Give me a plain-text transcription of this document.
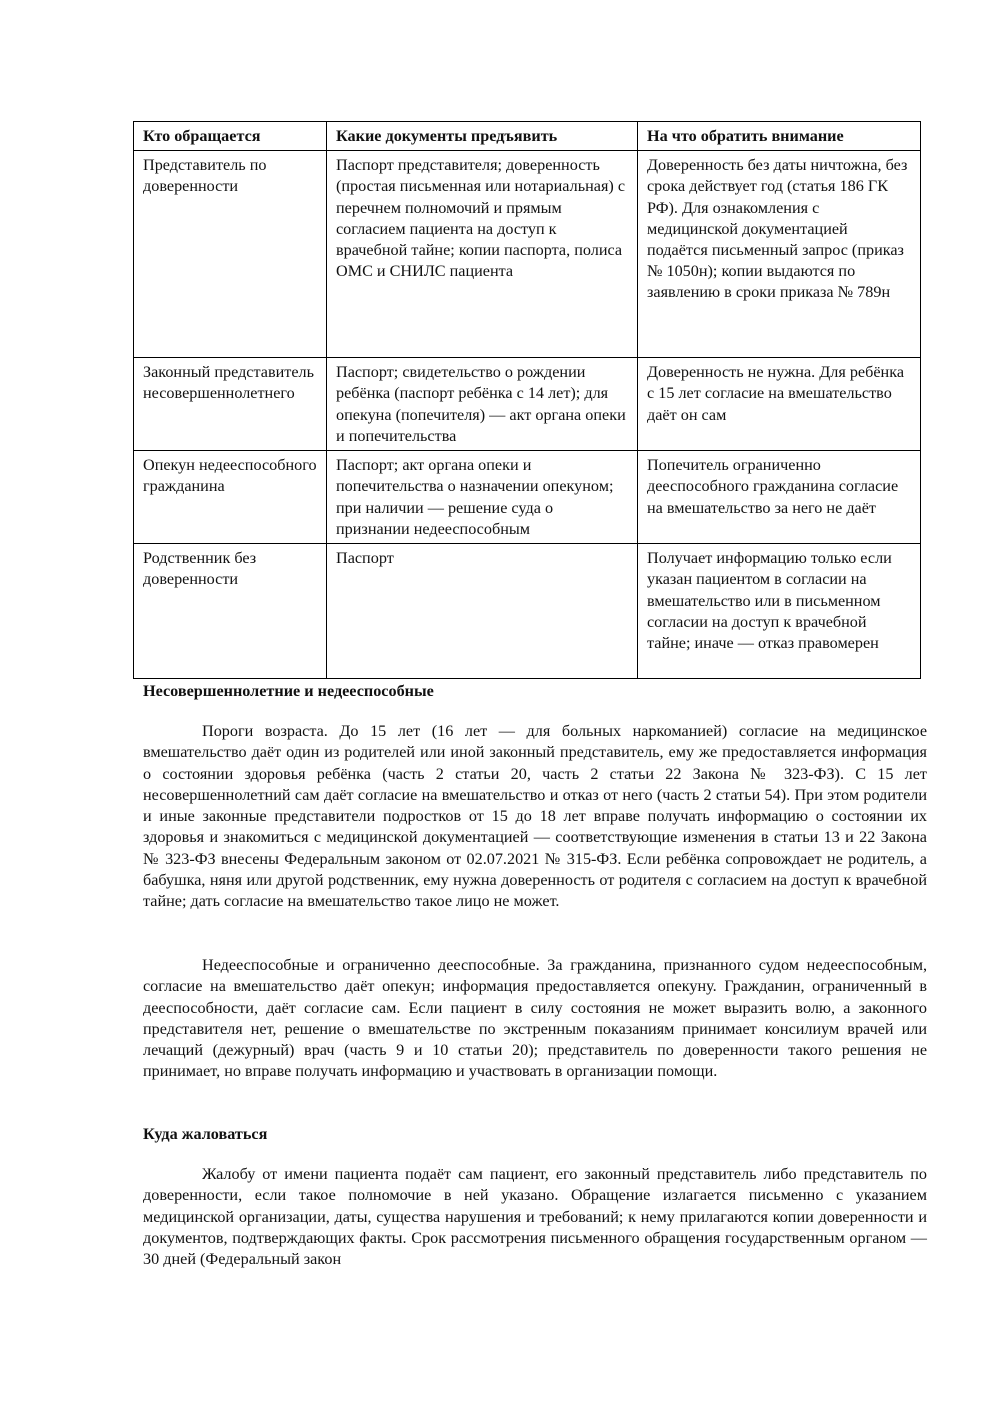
Кто обращается	Какие документы предъявить	На что обратить внимание
Представитель по доверенности	Паспорт представителя; доверенность (простая письменная или нотариальная) с перечнем полномочий и прямым согласием пациента на доступ к врачебной тайне; копии паспорта, полиса ОМС и СНИЛС пациента	Доверенность без даты ничтожна, без срока действует год (статья 186 ГК РФ). Для ознакомления с медицинской документацией подаётся письменный запрос (приказ № 1050н); копии выдаются по заявлению в сроки приказа № 789н
Законный представитель несовершеннолетнего	Паспорт; свидетельство о рождении ребёнка (паспорт ребёнка с 14 лет); для опекуна (попечителя) — акт органа опеки и попечительства	Доверенность не нужна. Для ребёнка с 15 лет согласие на вмешательство даёт он сам
Опекун недееспособного гражданина	Паспорт; акт органа опеки и попечительства о назначении опекуном; при наличии — решение суда о признании недееспособным	Попечитель ограниченно дееспособного гражданина согласие на вмешательство за него не даёт
Родственник без доверенности	Паспорт	Получает информацию только если указан пациентом в согласии на вмешательство или в письменном согласии на доступ к врачебной тайне; иначе — отказ правомерен
Несовершеннолетние и недееспособные

Пороги возраста. До 15 лет (16 лет — для больных наркоманией) согласие на медицинское вмешательство даёт один из родителей или иной законный представитель, ему же предоставляется информация о состоянии здоровья ребёнка (часть 2 статьи 20, часть 2 статьи 22 Закона № 323-ФЗ). С 15 лет несовершеннолетний сам даёт согласие на вмешательство и отказ от него (часть 2 статьи 54). При этом родители и иные законные представители подростков от 15 до 18 лет вправе получать информацию о состоянии их здоровья и знакомиться с медицинской документацией — соответствующие изменения в статьи 13 и 22 Закона № 323-ФЗ внесены Федеральным законом от 02.07.2021 № 315-ФЗ. Если ребёнка сопровождает не родитель, а бабушка, няня или другой родственник, ему нужна доверенность от родителя с согласием на доступ к врачебной тайне; дать согласие на вмешательство такое лицо не может.

Недееспособные и ограниченно дееспособные. За гражданина, признанного судом недееспособным, согласие на вмешательство даёт опекун; информация предоставляется опекуну. Гражданин, ограниченный в дееспособности, даёт согласие сам. Если пациент в силу состояния не может выразить волю, а законного представителя нет, решение о вмешательстве по экстренным показаниям принимает консилиум врачей или лечащий (дежурный) врач (часть 9 и 10 статьи 20); представитель по доверенности такого решения не принимает, но вправе получать информацию и участвовать в организации помощи.

Куда жаловаться

Жалобу от имени пациента подаёт сам пациент, его законный представитель либо представитель по доверенности, если такое полномочие в ней указано. Обращение излагается письменно с указанием медицинской организации, даты, существа нарушения и требований; к нему прилагаются копии доверенности и документов, подтверждающих факты. Срок рассмотрения письменного обращения государственным органом — 30 дней (Федеральный закон
